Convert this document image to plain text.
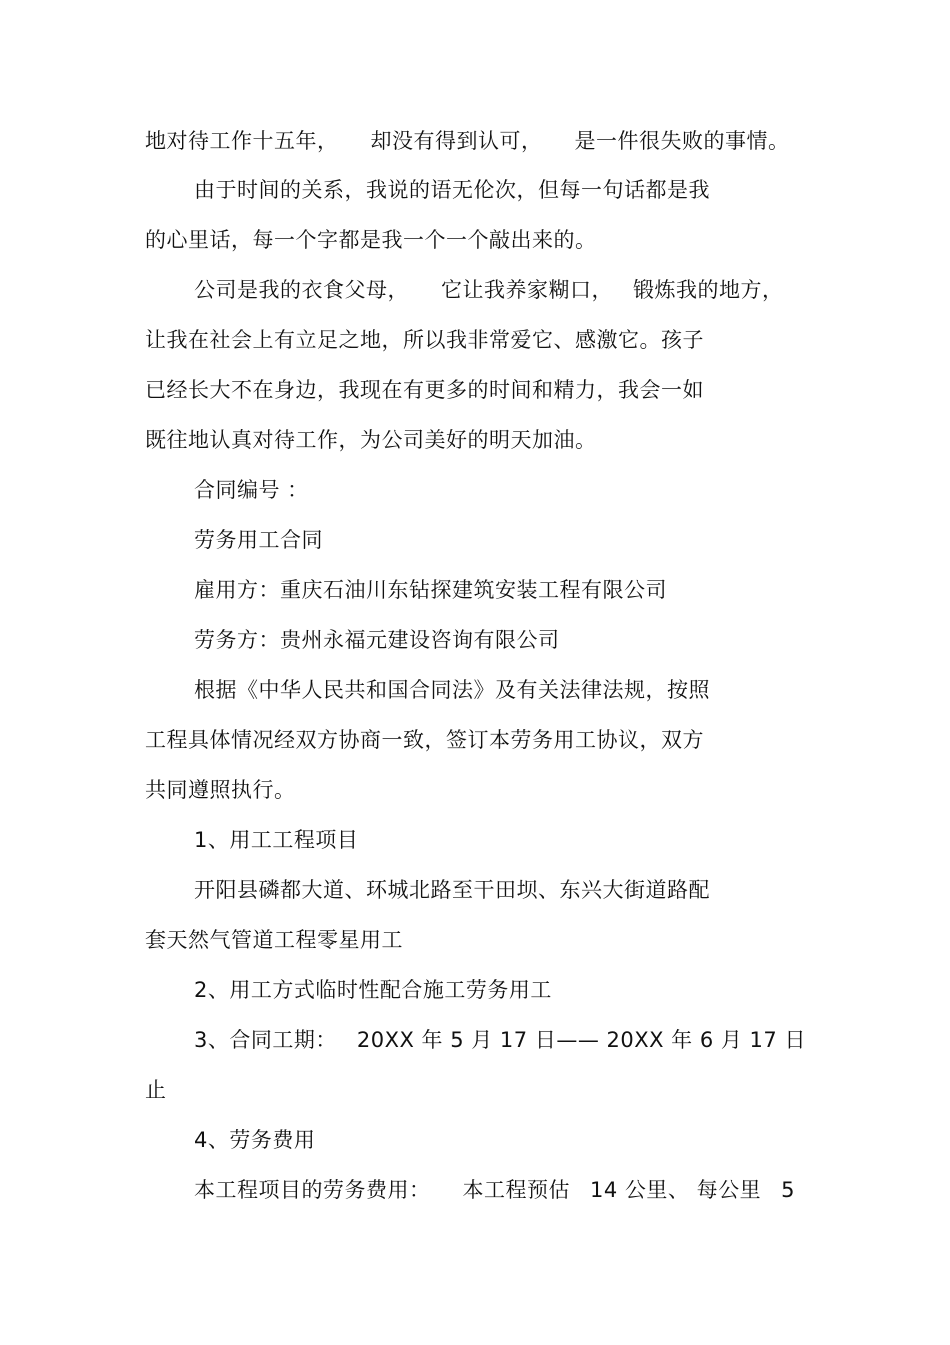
地对待工作十五年， 却没有得到认可， 是一件很失败的事情。
由于时间的关系，我说的语无伦次，但每一句话都是我
的心里话，每一个字都是我一个一个敲出来的。
公司是我的衣食父母， 它让我养家糊口， 锻炼我的地方，
让我在社会上有立足之地，所以我非常爱它、感激它。孩子
已经长大不在身边，我现在有更多的时间和精力，我会一如
既往地认真对待工作，为公司美好的明天加油。
合同编号 ：
劳务用工合同
雇用方：重庆石油川东钻探建筑安装工程有限公司
劳务方：贵州永福元建设咨询有限公司
根据《中华人民共和国合同法》及有关法律法规，按照
工程具体情况经双方协商一致，签订本劳务用工协议，双方
共同遵照执行。
1、用工工程项目
开阳县磷都大道、环城北路至干田坝、东兴大街道路配
套天然气管道工程零星用工
2、用工方式临时性配合施工劳务用工
3、合同工期： 20XX 年 5 月 17 日—— 20XX 年 6 月 17 日
止
4、劳务费用
本工程项目的劳务费用： 本工程预估 14 公里、 每公里 5
